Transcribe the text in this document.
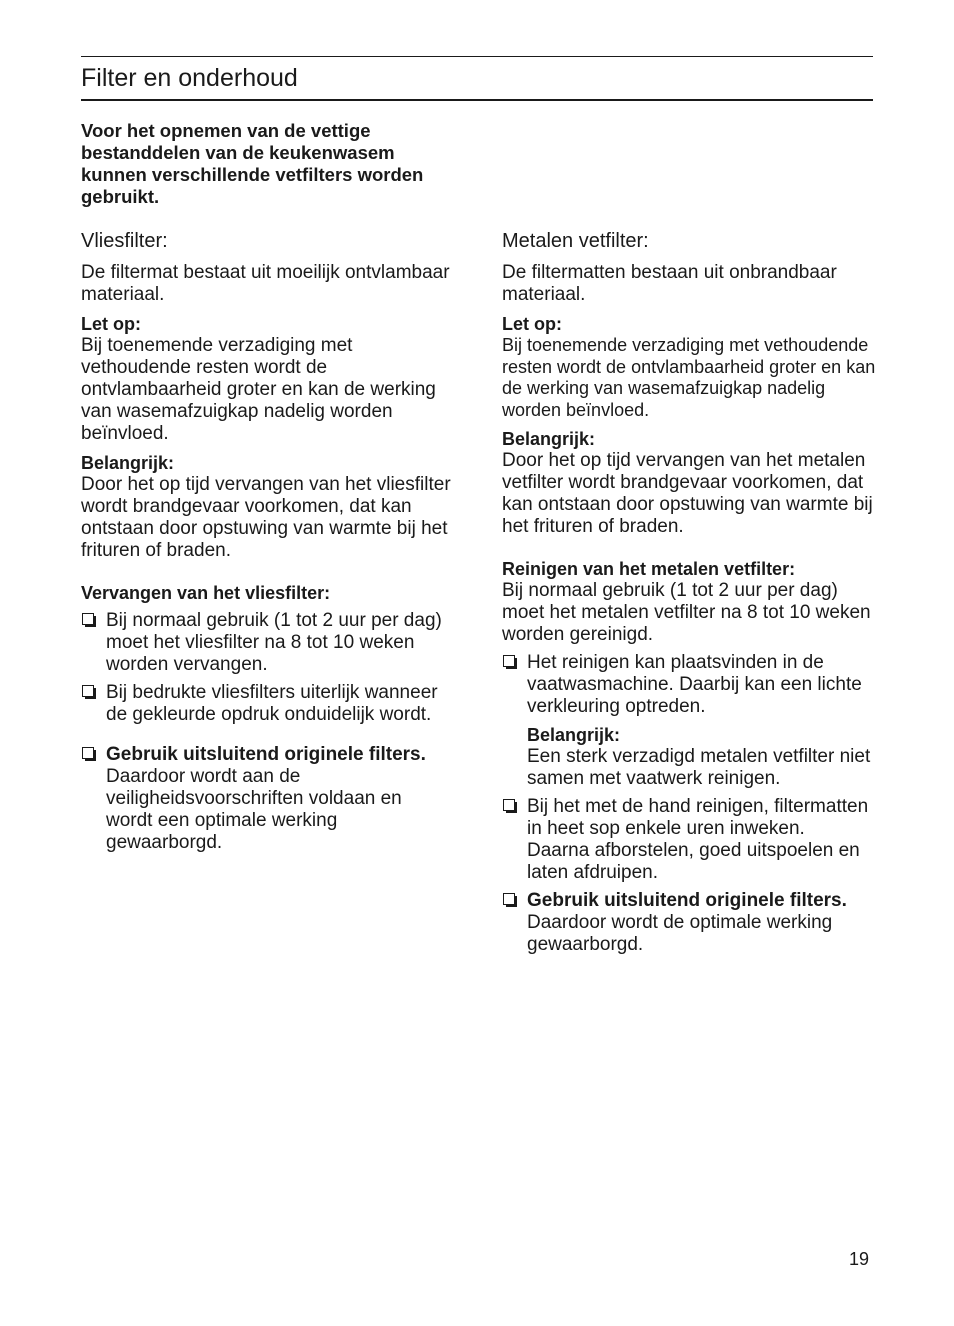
Filter en onderhoud

Voor het opnemen van de vettige bestanddelen van de keukenwasem kunnen verschillende vetfilters worden gebruikt.

Vliesfilter:

De filtermat bestaat uit moeilijk ontvlambaar materiaal.

Let op:

Bij toenemende verzadiging met vethoudende resten wordt de ontvlambaarheid groter en kan de werking van wasemafzuigkap nadelig worden beïnvloed.

Belangrijk:

Door het op tijd vervangen van het vliesfilter wordt brandgevaar voorkomen, dat kan ontstaan door opstuwing van warmte bij het frituren of braden.

Vervangen van het vliesfilter:

Bij normaal gebruik (1 tot 2 uur per dag) moet het vliesfilter na 8 tot 10 weken worden vervangen.
Bij bedrukte vliesfilters uiterlijk wanneer de gekleurde opdruk onduidelijk wordt.
Gebruik uitsluitend originele filters.
Daardoor wordt aan de veiligheidsvoorschriften voldaan en wordt een optimale werking gewaarborgd.
Metalen vetfilter:

De filtermatten bestaan uit onbrandbaar materiaal.

Let op:

Bij toenemende verzadiging met vethoudende resten wordt de ontvlambaarheid groter en kan de werking van wasemafzuigkap nadelig worden beïnvloed.

Belangrijk:

Door het op tijd vervangen van het metalen vetfilter wordt brandgevaar voorkomen, dat kan ontstaan door opstuwing van warmte bij het frituren of braden.

Reinigen van het metalen vetfilter:

Bij normaal gebruik (1 tot 2 uur per dag) moet het metalen vetfilter na 8 tot 10 weken worden gereinigd.

Het reinigen kan plaatsvinden in de vaatwasmachine. Daarbij kan een lichte verkleuring optreden.

Belangrijk:

Een sterk verzadigd metalen vetfilter niet samen met vaatwerk reinigen.

Bij het met de hand reinigen, filtermatten in heet sop enkele uren inweken.
Daarna afborstelen, goed uitspoelen en laten afdruipen.
Gebruik uitsluitend originele filters.
Daardoor wordt de optimale werking gewaarborgd.
19
